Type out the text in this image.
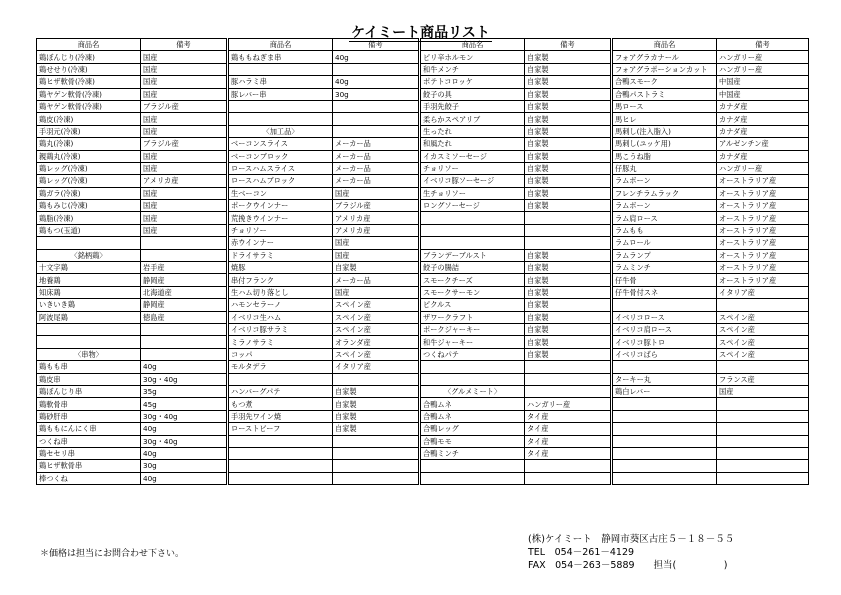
ケイミート商品リスト
商品名	備考		商品名	備考		商品名	備考		商品名	備考
鶏ぼんじり(冷凍)	国産		鶏ももねぎま串	40g		ピリ辛ホルモン	自家製		フォアグラカナール	ハンガリー産
鶏せせり(冷凍)	国産					和牛メンチ	自家製		フォアグラポーションカット	ハンガリー産
鶏ヒザ軟骨(冷凍)	国産		豚ハラミ串	40g		ポテトコロッケ	自家製		合鴨スモーク	中国産
鶏ヤゲン軟骨(冷凍)	国産		豚レバー串	30g		餃子の具	自家製		合鴨パストラミ	中国産
鶏ヤゲン軟骨(冷凍)	ブラジル産					手羽先餃子	自家製		馬ロース	カナダ産
鶏皮(冷凍)	国産					柔らかスペアリブ	自家製		馬ヒレ	カナダ産
手羽元(冷凍)	国産		〈加工品〉			生ったれ	自家製		馬刺し(注入脂入)	カナダ産
鶏丸(冷凍)	ブラジル産		ベーコンスライス	メーカー品		和風たれ	自家製		馬刺し(ユッケ用)	アルゼンチン産
親鶏丸(冷凍)	国産		ベーコンブロック	メーカー品		イカスミソーセージ	自家製		馬こうね脂	カナダ産
鶏レッグ(冷凍)	国産		ロースハムスライス	メーカー品		チョリソー	自家製		仔豚丸	ハンガリー産
鶏レッグ(冷凍)	アメリカ産		ロースハムブロック	メーカー品		イベリコ豚ソーセージ	自家製		ラムボーン	オーストラリア産
鶏ガラ(冷凍)	国産		生ベーコン	国産		生チョリソー	自家製		フレンチラムラック	オーストラリア産
鶏もみじ(冷凍)	国産		ポークウインナー	ブラジル産		ロングソーセージ	自家製		ラムボーン	オーストラリア産
鶏脂(冷凍)	国産		荒挽きウインナー	アメリカ産					ラム肩ロース	オーストラリア産
鶏もつ(玉道)	国産		チョリソー	アメリカ産					ラムもも	オーストラリア産
			赤ウインナー	国産					ラムロール	オーストラリア産
〈銘柄鶏〉			ドライサラミ	国産		ブランデーブルスト	自家製		ラムランプ	オーストラリア産
十文字鶏	岩手産		焼豚	自家製		餃子の腸詰	自家製		ラムミンチ	オーストラリア産
地養鶏	静岡産		串付フランク	メーカー品		スモークチーズ	自家製		仔牛骨	オーストラリア産
知床鶏	北海道産		生ハム切り落とし	国産		スモークサーモン	自家製		仔牛骨付スネ	イタリア産
いきいき鶏	静岡産		ハモンセラーノ	スペイン産		ピクルス	自家製			
阿波尾鶏	徳島産		イベリコ生ハム	スペイン産		ザワークラフト	自家製		イベリコロース	スペイン産
			イベリコ豚サラミ	スペイン産		ポークジャーキー	自家製		イベリコ肩ロース	スペイン産
			ミラノサラミ	オランダ産		和牛ジャーキー	自家製		イベリコ豚トロ	スペイン産
〈串物〉			コッパ	スペイン産		つくねパテ	自家製		イベリコばら	スペイン産
鶏もも串	40g		モルタデラ	イタリア産						
鶏皮串	30g・40g								ターキー丸	フランス産
鶏ぼんじり串	35g		ハンバーグパテ	自家製		〈グルメミート〉			鶏白レバー	国産
鶏軟骨串	45g		もつ煮	自家製		合鴨ムネ	ハンガリー産			
鶏砂肝串	30g・40g		手羽先ワイン焼	自家製		合鴨ムネ	タイ産			
鶏ももにんにく串	40g		ローストビーフ	自家製		合鴨レッグ	タイ産			
つくね串	30g・40g					合鴨モモ	タイ産			
鶏セセリ串	40g					合鴨ミンチ	タイ産			
鶏ヒザ軟骨串	30g									
棒つくね	40g									
＊価格は担当にお問合わせ下さい。
(株)ケイミート　静岡市葵区古庄５－１８－５５
TEL　054－261－4129
FAX　054－263－5889　　担当(　　　　　)
